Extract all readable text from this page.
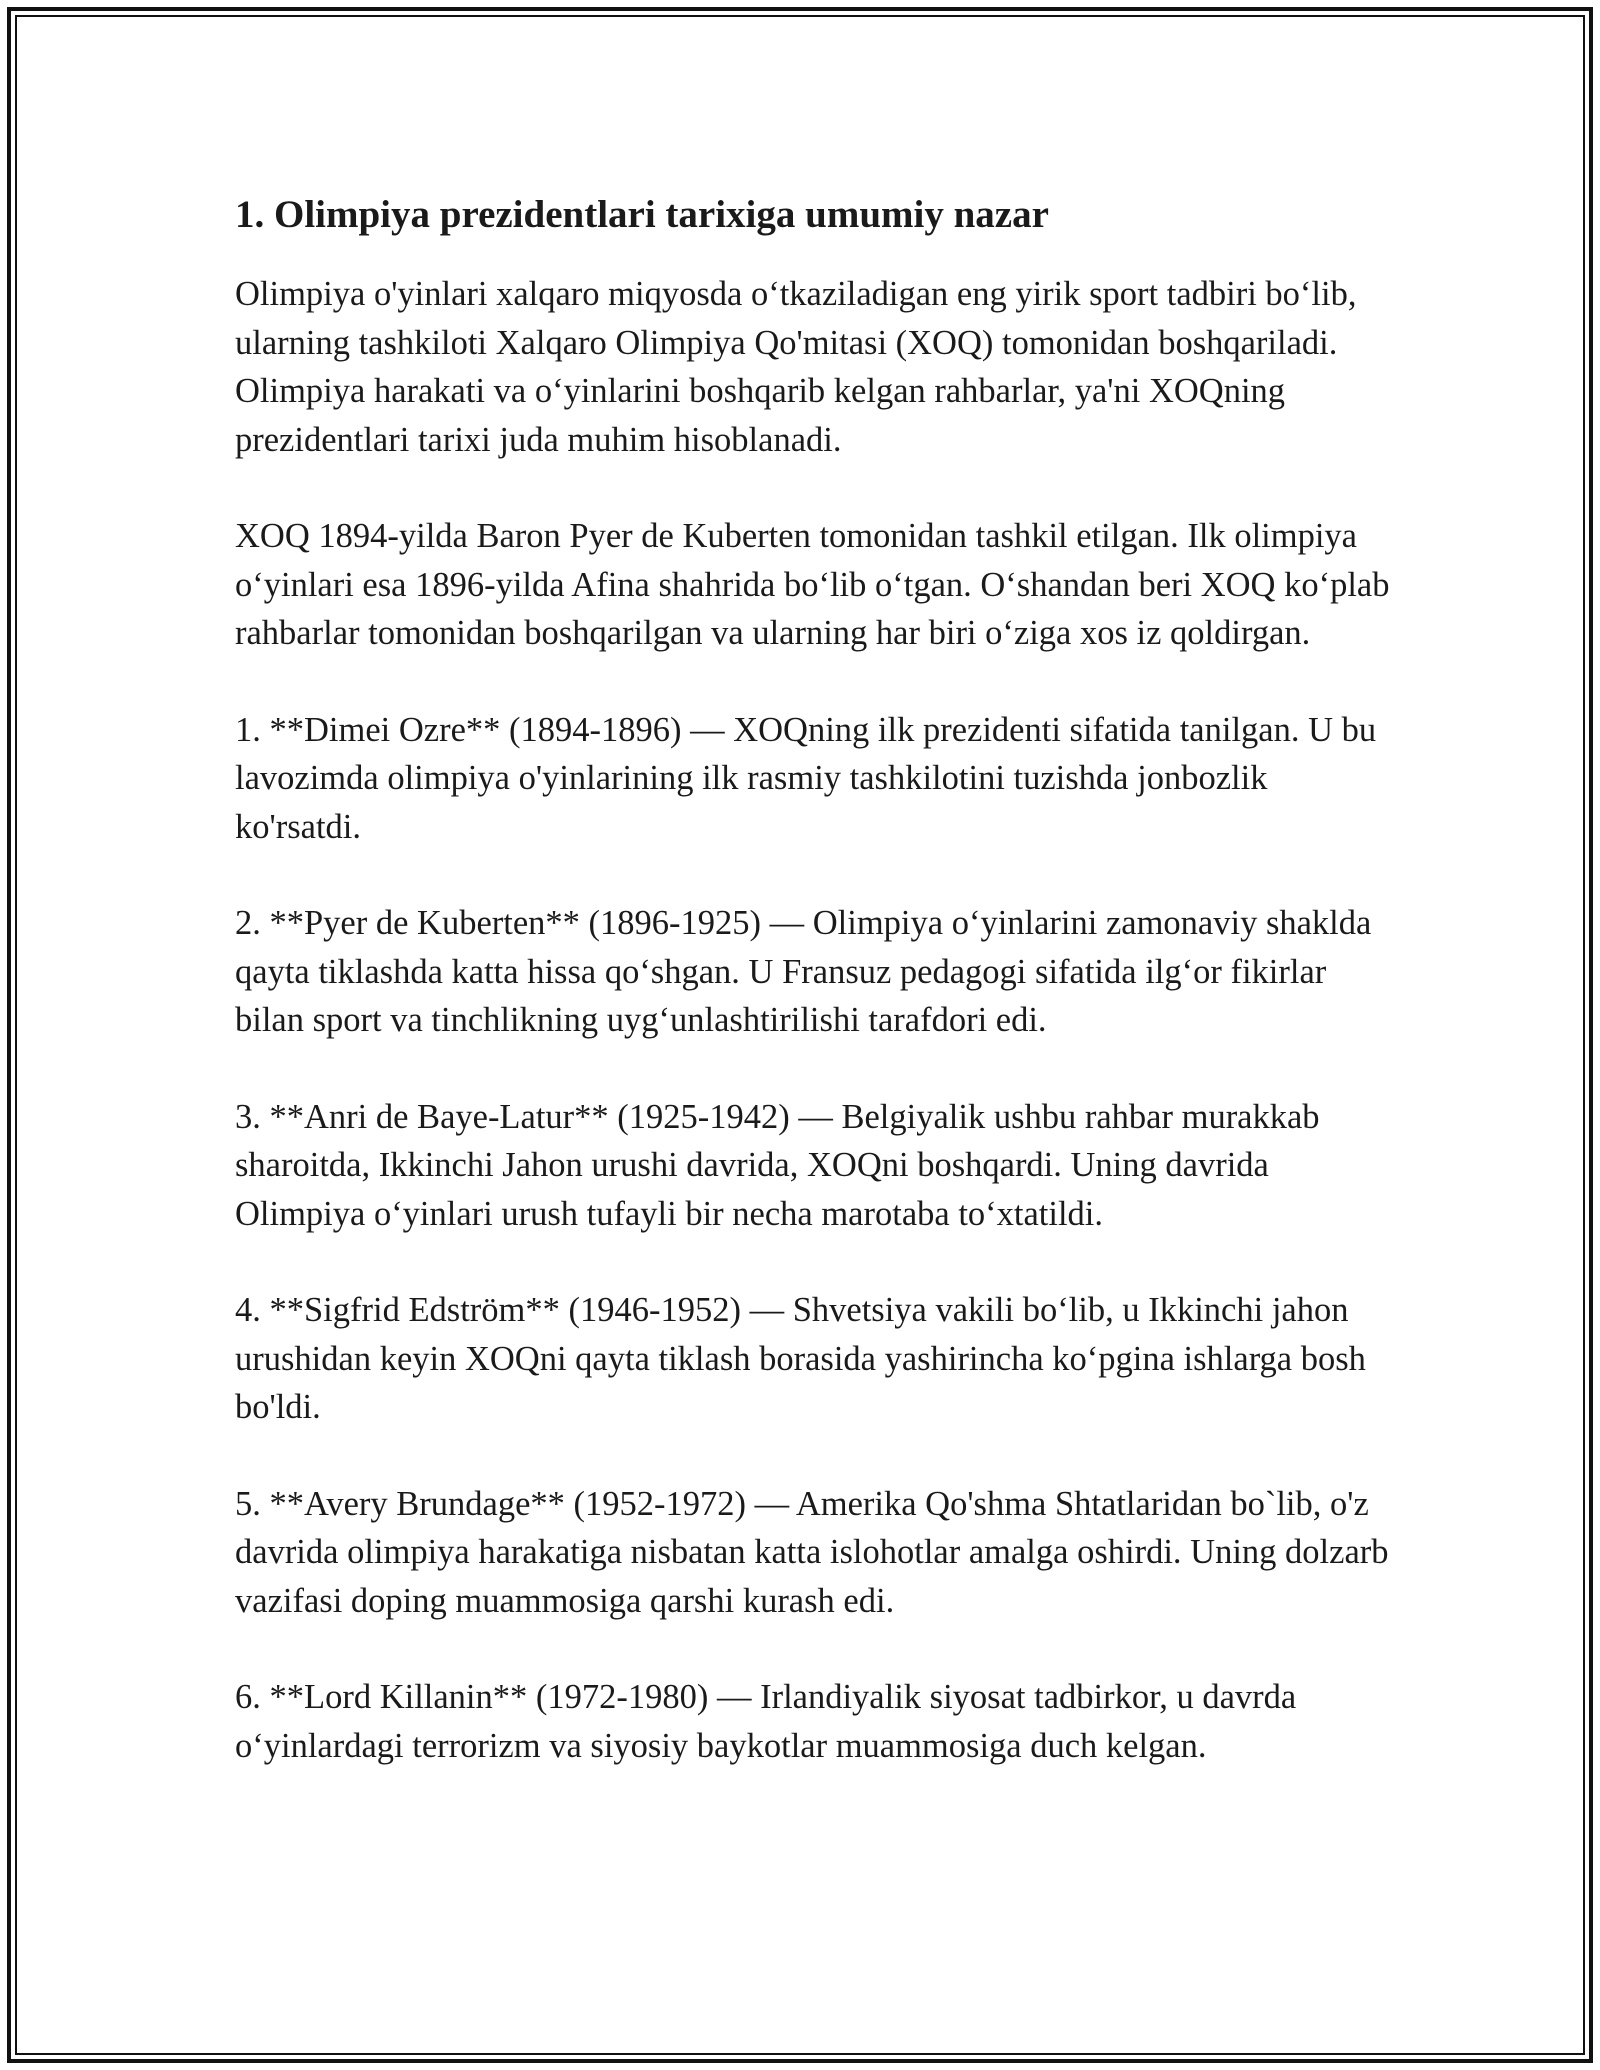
1. Olimpiya prezidentlari tarixiga umumiy nazar

Olimpiya o'yinlari xalqaro miqyosda o‘tkaziladigan eng yirik sport tadbiri bo‘lib, ularning tashkiloti Xalqaro Olimpiya Qo'mitasi (XOQ) tomonidan boshqariladi. Olimpiya harakati va o‘yinlarini boshqarib kelgan rahbarlar, ya'ni XOQning prezidentlari tarixi juda muhim hisoblanadi.

XOQ 1894-yilda Baron Pyer de Kuberten tomonidan tashkil etilgan. Ilk olimpiya o‘yinlari esa 1896-yilda Afina shahrida bo‘lib o‘tgan. O‘shandan beri XOQ ko‘plab rahbarlar tomonidan boshqarilgan va ularning har biri o‘ziga xos iz qoldirgan.

1. **Dimei Ozre** (1894-1896) — XOQning ilk prezidenti sifatida tanilgan. U bu lavozimda olimpiya o'yinlarining ilk rasmiy tashkilotini tuzishda jonbozlik ko'rsatdi.

2. **Pyer de Kuberten** (1896-1925) — Olimpiya o‘yinlarini zamonaviy shaklda qayta tiklashda katta hissa qo‘shgan. U Fransuz pedagogi sifatida ilg‘or fikirlar bilan sport va tinchlikning uyg‘unlashtirilishi tarafdori edi.

3. **Anri de Baye-Latur** (1925-1942) — Belgiyalik ushbu rahbar murakkab sharoitda, Ikkinchi Jahon urushi davrida, XOQni boshqardi. Uning davrida Olimpiya o‘yinlari urush tufayli bir necha marotaba to‘xtatildi.

4. **Sigfrid Edström** (1946-1952) — Shvetsiya vakili bo‘lib, u Ikkinchi jahon urushidan keyin XOQni qayta tiklash borasida yashirincha ko‘pgina ishlarga bosh bo'ldi.

5. **Avery Brundage** (1952-1972) — Amerika Qo'shma Shtatlaridan bo`lib, o'z davrida olimpiya harakatiga nisbatan katta islohotlar amalga oshirdi. Uning dolzarb vazifasi doping muammosiga qarshi kurash edi.

6. **Lord Killanin** (1972-1980) — Irlandiyalik siyosat tadbirkor, u davrda o‘yinlardagi terrorizm va siyosiy baykotlar muammosiga duch kelgan.
